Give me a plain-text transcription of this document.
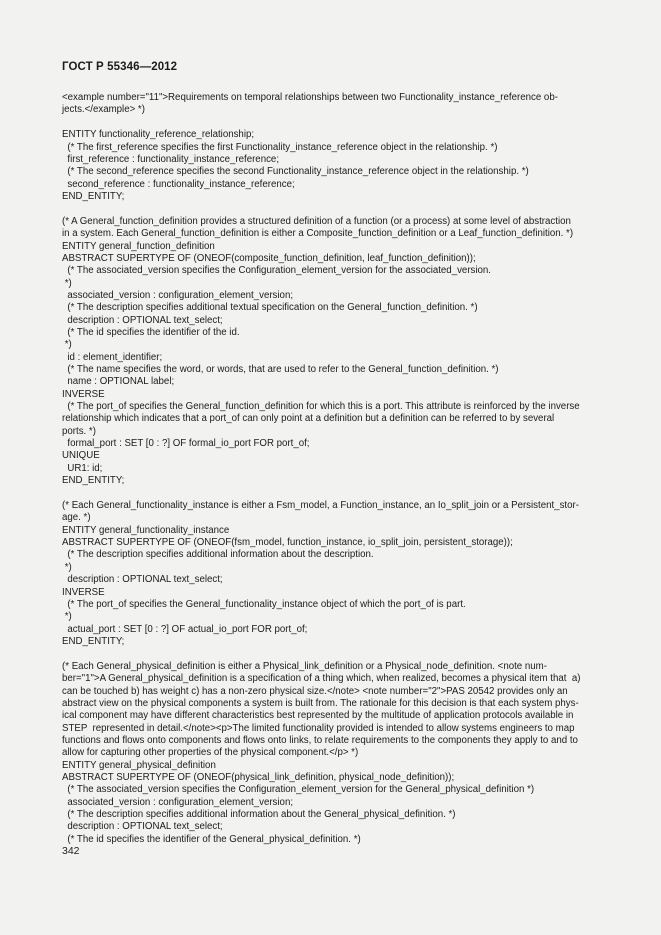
ГОСТ Р 55346—2012
<example number="11">Requirements on temporal relationships between two Functionality_instance_reference ob-
jects.</example> *)
ENTITY functionality_reference_relationship;
(* The first_reference specifies the first Functionality_instance_reference object in the relationship. *)
first_reference : functionality_instance_reference;
(* The second_reference specifies the second Functionality_instance_reference object in the relationship. *)
second_reference : functionality_instance_reference;
END_ENTITY;
(* A General_function_definition provides a structured definition of a function (or a process) at some level of abstraction
in a system. Each General_function_definition is either a Composite_function_definition or a Leaf_function_definition. *)
ENTITY general_function_definition
ABSTRACT SUPERTYPE OF (ONEOF(composite_function_definition, leaf_function_definition));
(* The associated_version specifies the Configuration_element_version for the associated_version.
*)
associated_version : configuration_element_version;
(* The description specifies additional textual specification on the General_function_definition. *)
description : OPTIONAL text_select;
(* The id specifies the identifier of the id.
*)
id : element_identifier;
(* The name specifies the word, or words, that are used to refer to the General_function_definition. *)
name : OPTIONAL label;
INVERSE
(* The port_of specifies the General_function_definition for which this is a port. This attribute is reinforced by the inverse
relationship which indicates that a port_of can only point at a definition but a definition can be referred to by several
ports. *)
formal_port : SET [0 : ?] OF formal_io_port FOR port_of;
UNIQUE
UR1: id;
END_ENTITY;
(* Each General_functionality_instance is either a Fsm_model, a Function_instance, an Io_split_join or a Persistent_stor-
age. *)
ENTITY general_functionality_instance
ABSTRACT SUPERTYPE OF (ONEOF(fsm_model, function_instance, io_split_join, persistent_storage));
(* The description specifies additional information about the description.
*)
description : OPTIONAL text_select;
INVERSE
(* The port_of specifies the General_functionality_instance object of which the port_of is part.
*)
actual_port : SET [0 : ?] OF actual_io_port FOR port_of;
END_ENTITY;
(* Each General_physical_definition is either a Physical_link_definition or a Physical_node_definition. <note num-
ber="1">A General_physical_definition is a specification of a thing which, when realized, becomes a physical item that  a)
can be touched b) has weight c) has a non-zero physical size.</note> <note number="2">PAS 20542 provides only an
abstract view on the physical components a system is built from. The rationale for this decision is that each system phys-
ical component may have different characteristics best represented by the multitude of application protocols available in
STEP  represented in detail.</note><p>The limited functionality provided is intended to allow systems engineers to map
functions and flows onto components and flows onto links, to relate requirements to the components they apply to and to
allow for capturing other properties of the physical component.</p> *)
ENTITY general_physical_definition
ABSTRACT SUPERTYPE OF (ONEOF(physical_link_definition, physical_node_definition));
(* The associated_version specifies the Configuration_element_version for the General_physical_definition *)
associated_version : configuration_element_version;
(* The description specifies additional information about the General_physical_definition. *)
description : OPTIONAL text_select;
(* The id specifies the identifier of the General_physical_definition. *)
342
